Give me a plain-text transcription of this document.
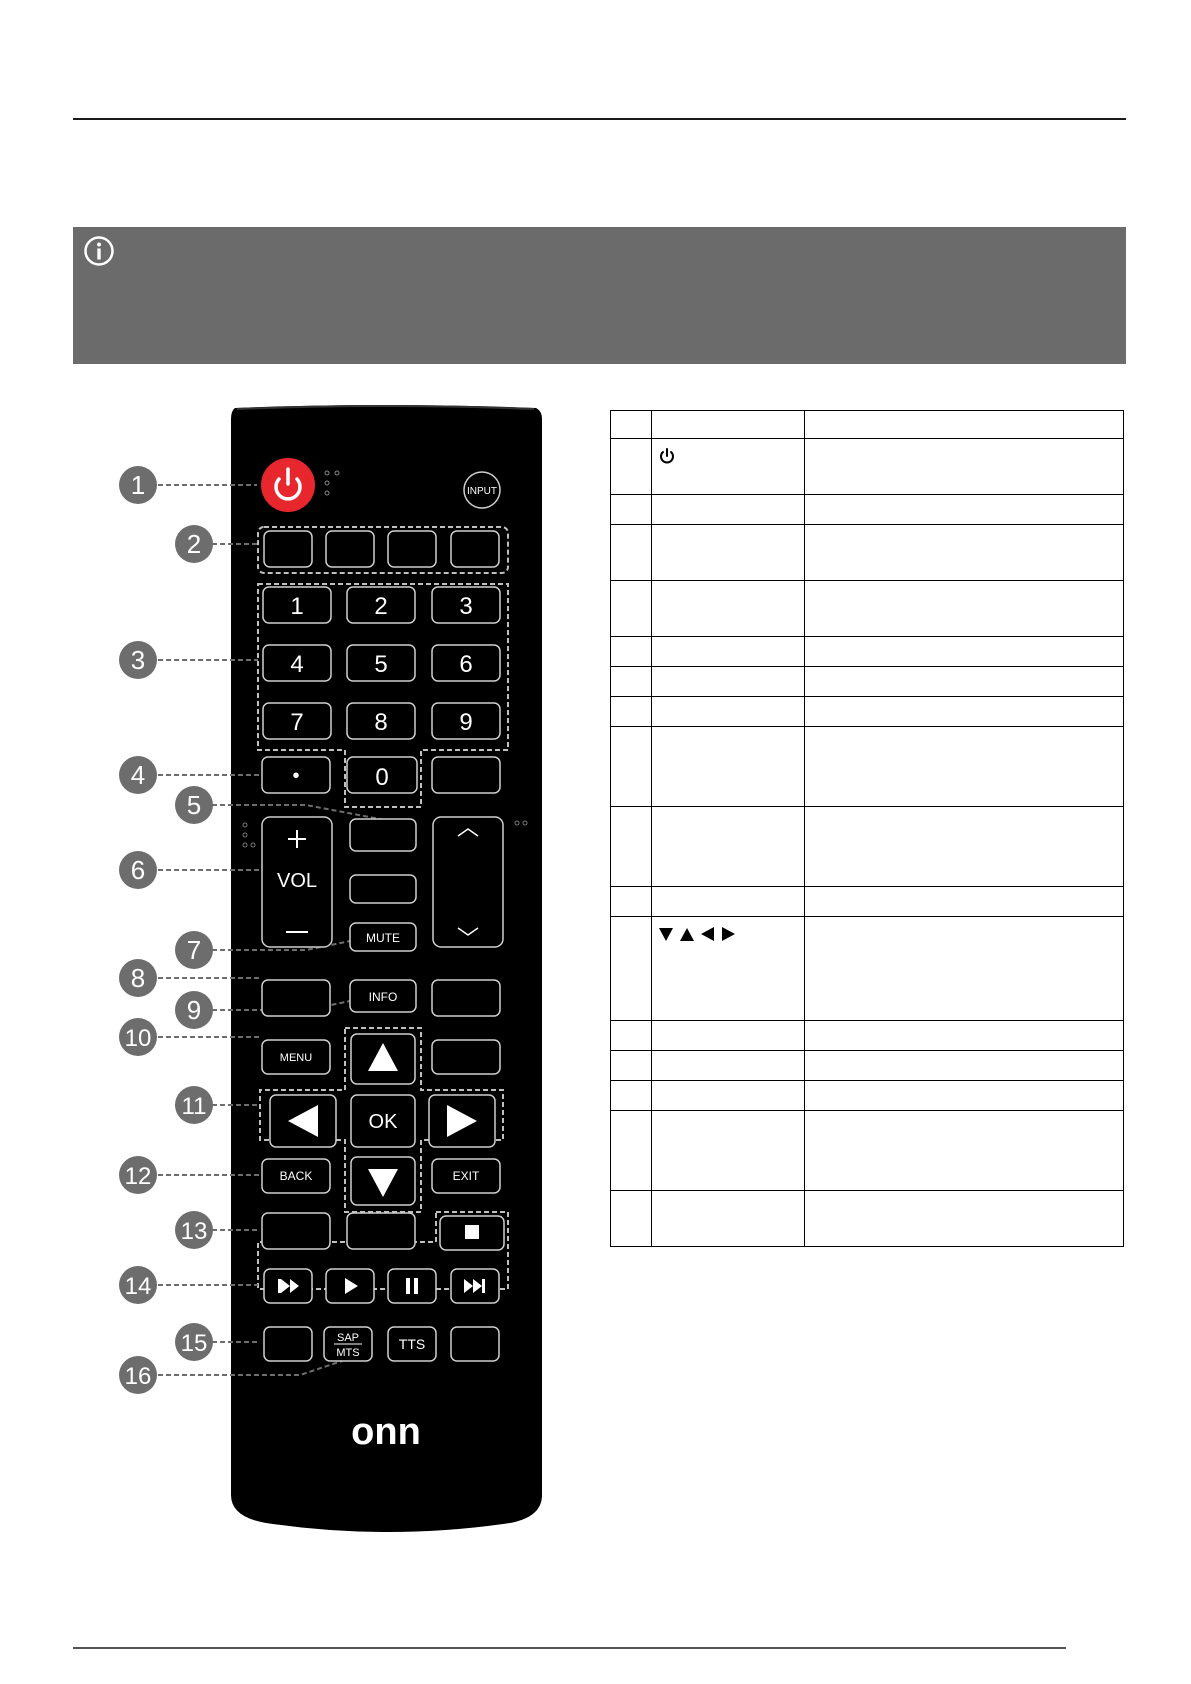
1
2
3
4
5
6
7
8
9
10
11
12
13
14
15
16
INPUT
1	2	3
4	5	6
7	8	9
•	0
VOL
MUTE
INFO
MENU
OK
BACK	EXIT
SAP
MTS
TTS
onn
